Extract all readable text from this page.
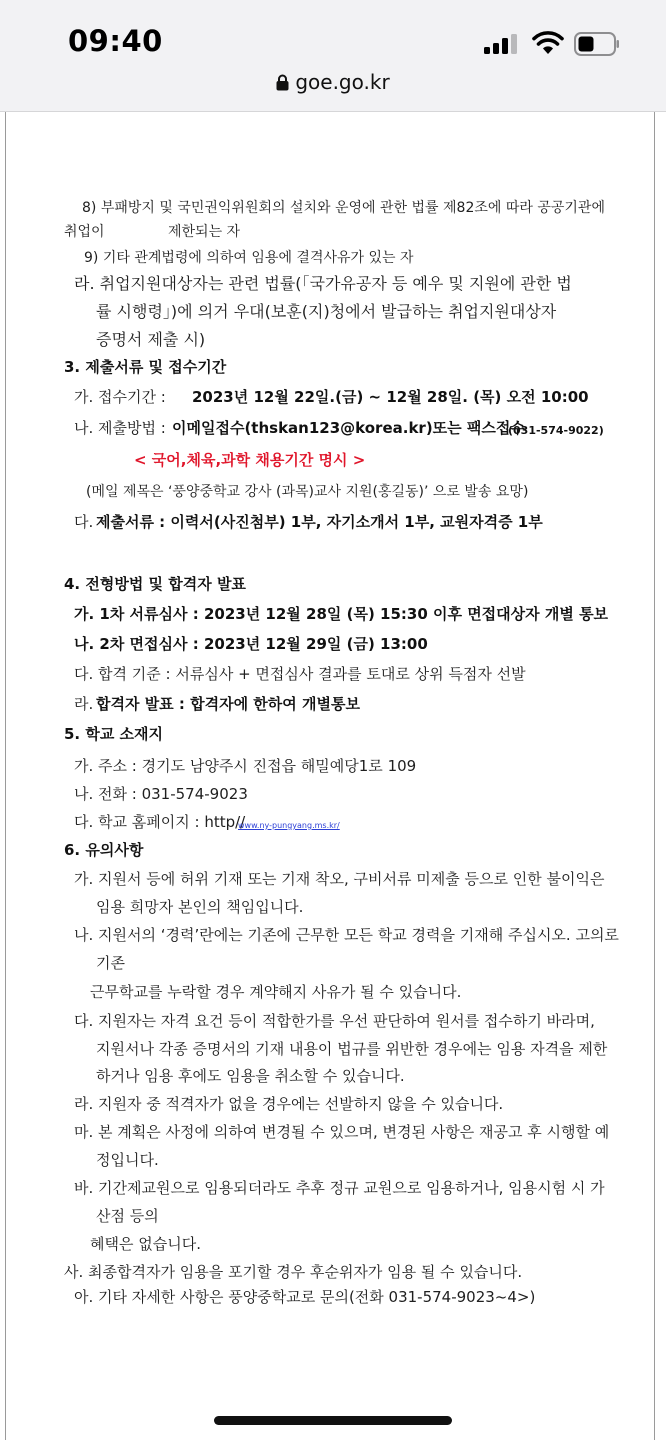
09:40
goe.go.kr
8) 부패방지 및 국민권익위원회의 설치와 운영에 관한 법률 제82조에 따라 공공기관에
취업이	제한되는 자
9) 기타 관계법령에 의하여 임용에 결격사유가 있는 자
라. 취업지원대상자는 관련 법률(「국가유공자 등 예우 및 지원에 관한 법
률 시행령」)에 의거 우대(보훈(지)청에서 발급하는 취업지원대상자
증명서 제출 시)
3. 제출서류 및 접수기간
가. 접수기간 : 2023년 12월 22일.(금) ~ 12월 28일. (목) 오전 10:00
나. 제출방법 : 이메일접수(thskan123@korea.kr)또는 팩스접수
(031-574-9022)
< 국어,체육,과학 채용기간 명시 >
(메일 제목은 ‘풍양중학교 강사 (과목)교사 지원(홍길동)’ 으로 발송 요망)
다. 제출서류 : 이력서(사진첨부) 1부, 자기소개서 1부, 교원자격증 1부
4. 전형방법 및 합격자 발표
가. 1차 서류심사 : 2023년 12월 28일 (목) 15:30 이후 면접대상자 개별 통보
나. 2차 면접심사 : 2023년 12월 29일 (금) 13:00
다. 합격 기준 : 서류심사 + 면접심사 결과를 토대로 상위 득점자 선발
라. 합격자 발표 : 합격자에 한하여 개별통보
5. 학교 소재지
가. 주소 : 경기도 남양주시 진접읍 해밀예당1로 109
나. 전화 : 031-574-9023
다. 학교 홈페이지 : http//
www.ny-pungyang.ms.kr/
6. 유의사항
가. 지원서 등에 허위 기재 또는 기재 착오, 구비서류 미제출 등으로 인한 불이익은
임용 희망자 본인의 책임입니다.
나. 지원서의 ‘경력’란에는 기존에 근무한 모든 학교 경력을 기재해 주십시오. 고의로
기존
근무학교를 누락할 경우 계약해지 사유가 될 수 있습니다.
다. 지원자는 자격 요건 등이 적합한가를 우선 판단하여 원서를 접수하기 바라며,
지원서나 각종 증명서의 기재 내용이 법규를 위반한 경우에는 임용 자격을 제한
하거나 임용 후에도 임용을 취소할 수 있습니다.
라. 지원자 중 적격자가 없을 경우에는 선발하지 않을 수 있습니다.
마. 본 계획은 사정에 의하여 변경될 수 있으며, 변경된 사항은 재공고 후 시행할 예
정입니다.
바. 기간제교원으로 임용되더라도 추후 정규 교원으로 임용하거나, 임용시험 시 가
산점 등의
혜택은 없습니다.
사. 최종합격자가 임용을 포기할 경우 후순위자가 임용 될 수 있습니다.
아. 기타 자세한 사항은 풍양중학교로 문의(전화 031-574-9023~4>)
